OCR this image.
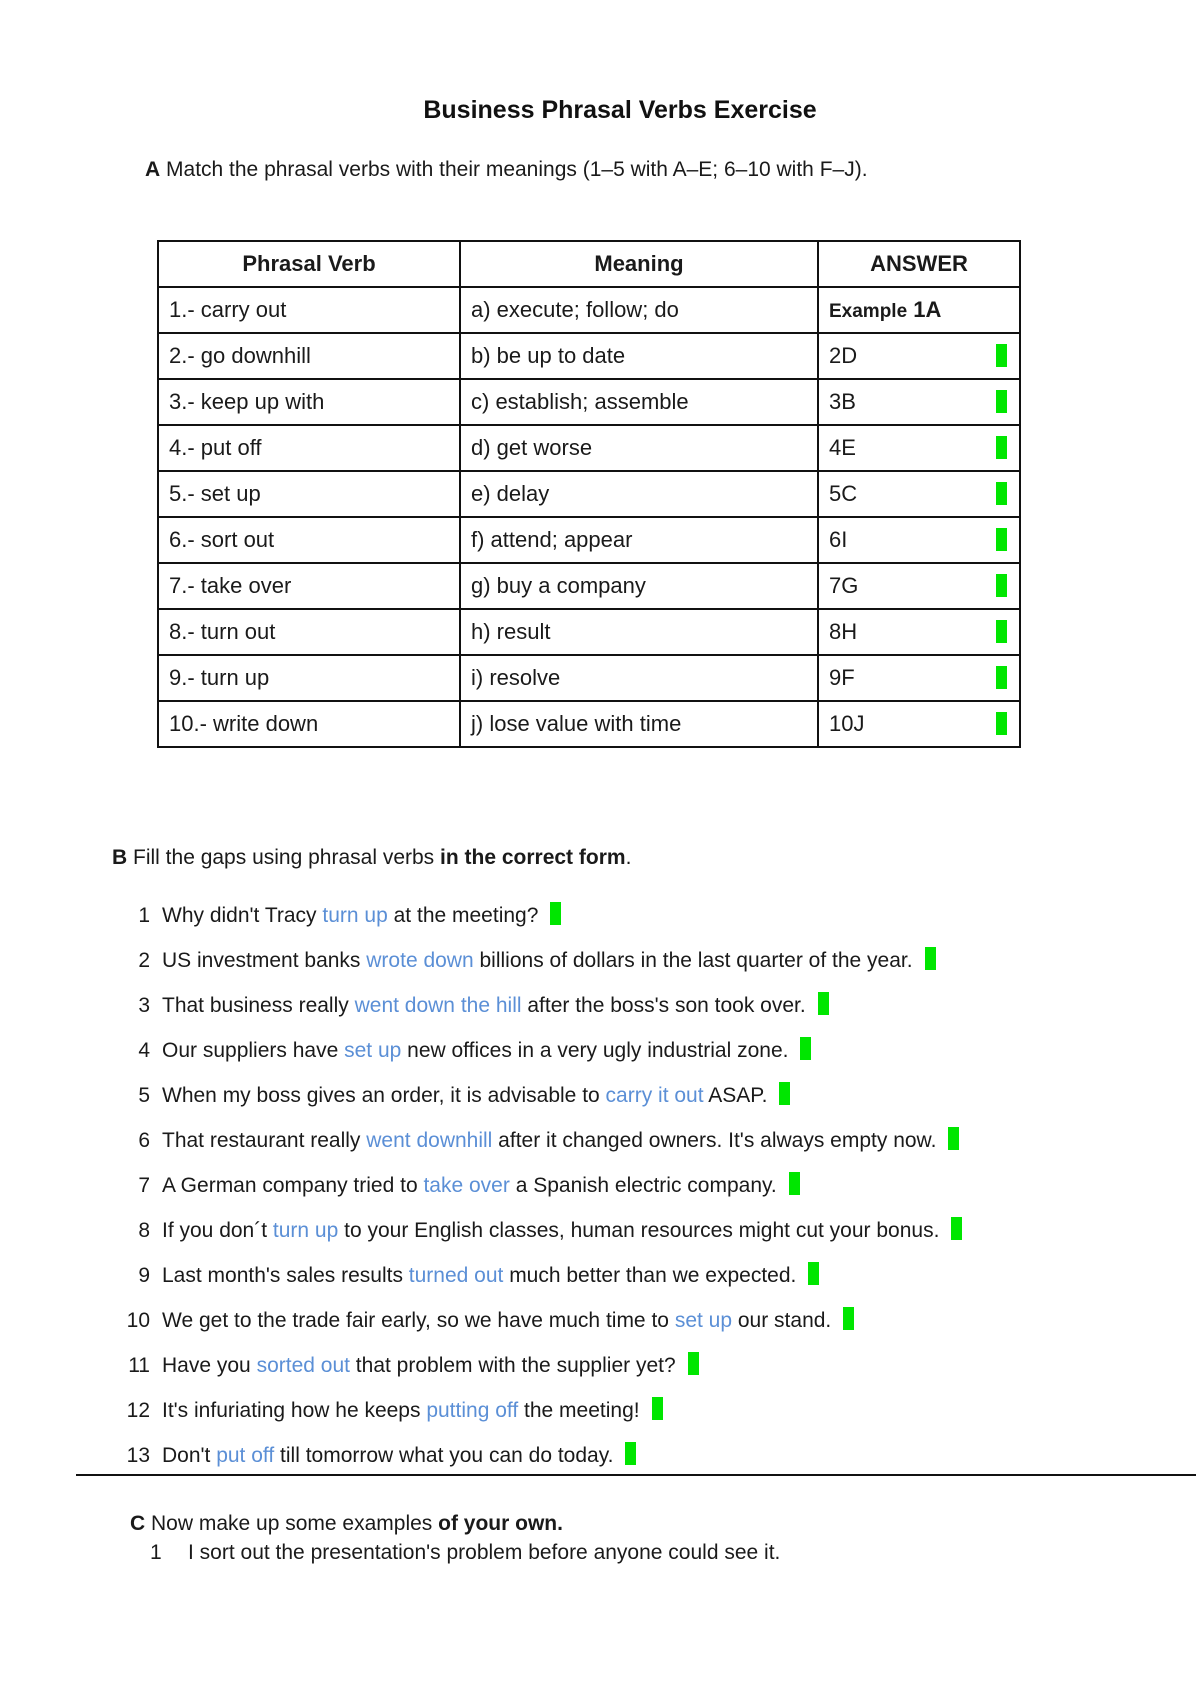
Business Phrasal Verbs Exercise
A Match the phrasal verbs with their meanings (1–5 with A–E; 6–10 with F–J).
Phrasal Verb	Meaning	ANSWER
1.- carry out	a) execute; follow; do	Example 1A
2.- go downhill	b) be up to date	2D

3.- keep up with	c) establish; assemble	3B

4.- put off	d) get worse	4E

5.- set up	e) delay	5C

6.- sort out	f) attend; appear	6I

7.- take over	g) buy a company	7G

8.- turn out	h) result	8H

9.- turn up	i) resolve	9F

10.- write down	j) lose value with time	10J
B Fill the gaps using phrasal verbs in the correct form.
1 Why didn't Tracy turn up at the meeting?
2 US investment banks wrote down billions of dollars in the last quarter of the year.
3 That business really went down the hill after the boss's son took over.
4 Our suppliers have set up new offices in a very ugly industrial zone.
5 When my boss gives an order, it is advisable to carry it out ASAP.
6 That restaurant really went downhill after it changed owners. It's always empty now.
7 A German company tried to take over a Spanish electric company.
8 If you don´t turn up to your English classes, human resources might cut your bonus.
9 Last month's sales results turned out much better than we expected.
10 We get to the trade fair early, so we have much time to set up our stand.
11 Have you sorted out that problem with the supplier yet?
12 It's infuriating how he keeps putting off the meeting!
13 Don't put off till tomorrow what you can do today.
C Now make up some examples of your own.
1 I sort out the presentation's problem before anyone could see it.
